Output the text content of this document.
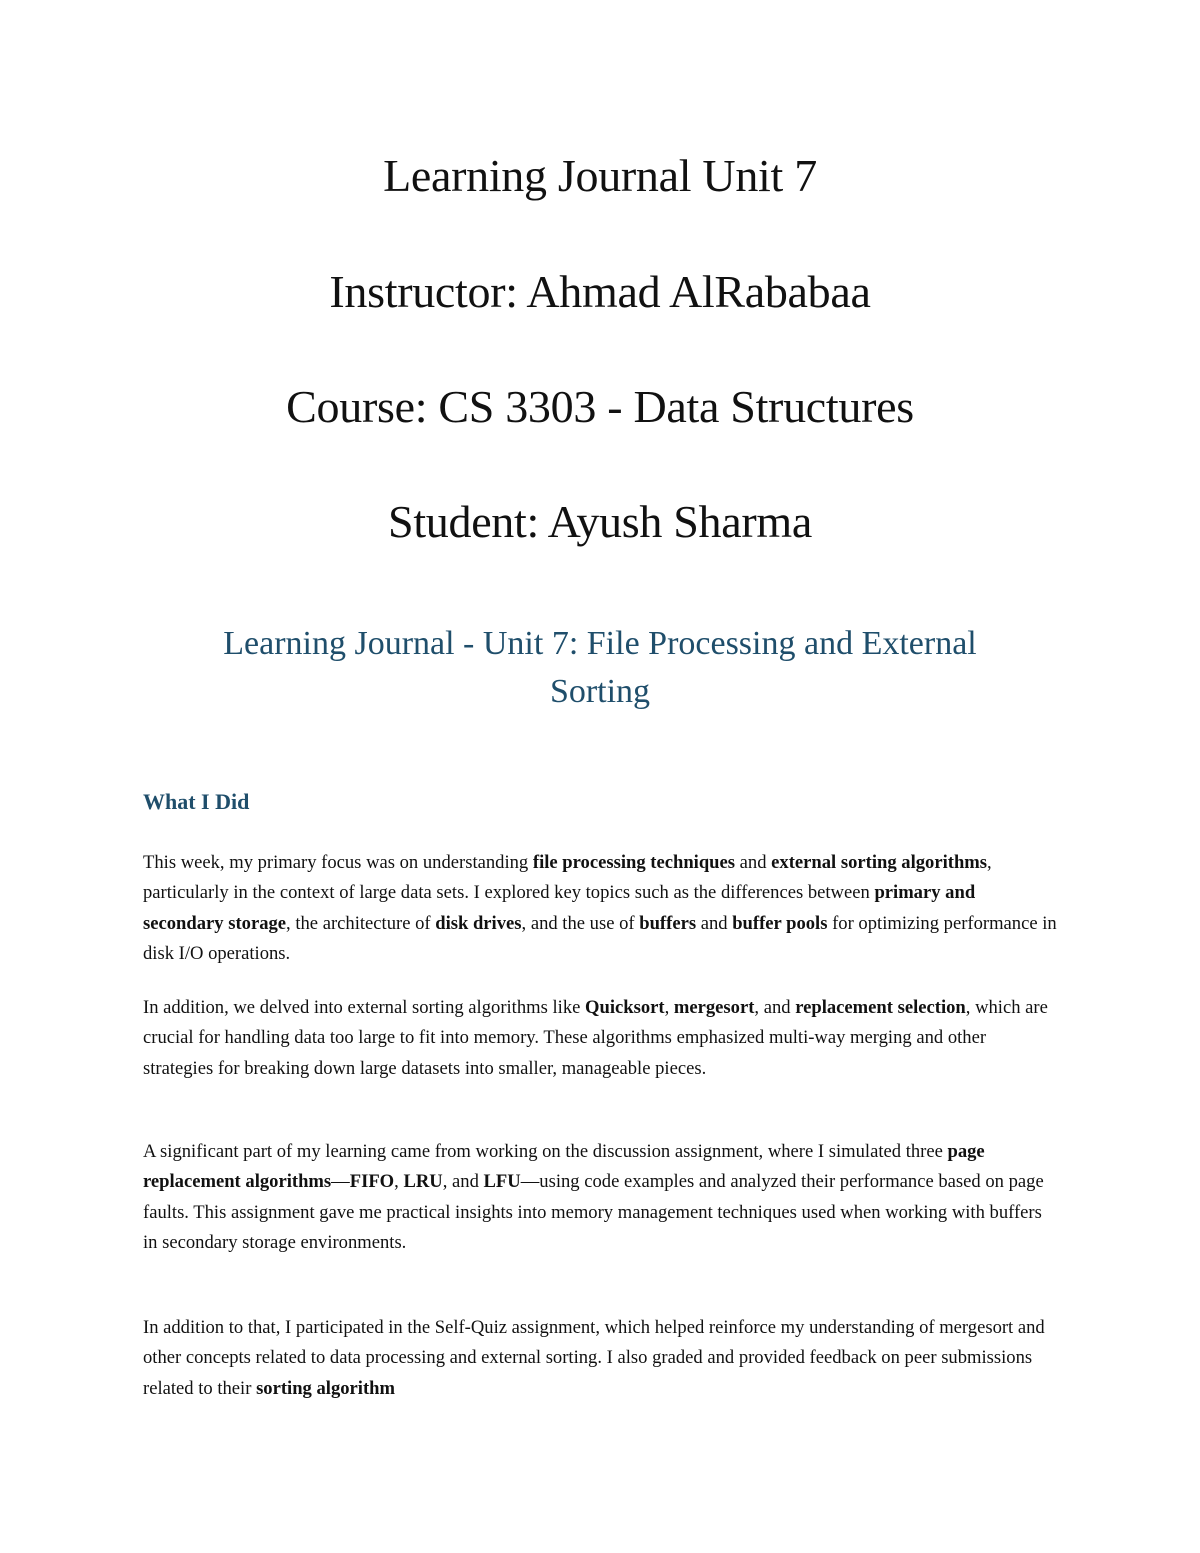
Learning Journal Unit 7
Instructor: Ahmad AlRababaa
Course: CS 3303 - Data Structures
Student: Ayush Sharma
Learning Journal - Unit 7: File Processing and External
Sorting
What I Did

This week, my primary focus was on understanding file processing techniques and external sorting algorithms, particularly in the context of large data sets. I explored key topics such as the differences between primary and secondary storage, the architecture of disk drives, and the use of buffers and buffer pools for optimizing performance in disk I/O operations.

In addition, we delved into external sorting algorithms like Quicksort, mergesort, and replacement selection, which are crucial for handling data too large to fit into memory. These algorithms emphasized multi-way merging and other strategies for breaking down large datasets into smaller, manageable pieces.

A significant part of my learning came from working on the discussion assignment, where I simulated three page replacement algorithms—FIFO, LRU, and LFU—using code examples and analyzed their performance based on page faults. This assignment gave me practical insights into memory management techniques used when working with buffers in secondary storage environments.

In addition to that, I participated in the Self-Quiz assignment, which helped reinforce my understanding of mergesort and other concepts related to data processing and external sorting. I also graded and provided feedback on peer submissions related to their sorting algorithm
